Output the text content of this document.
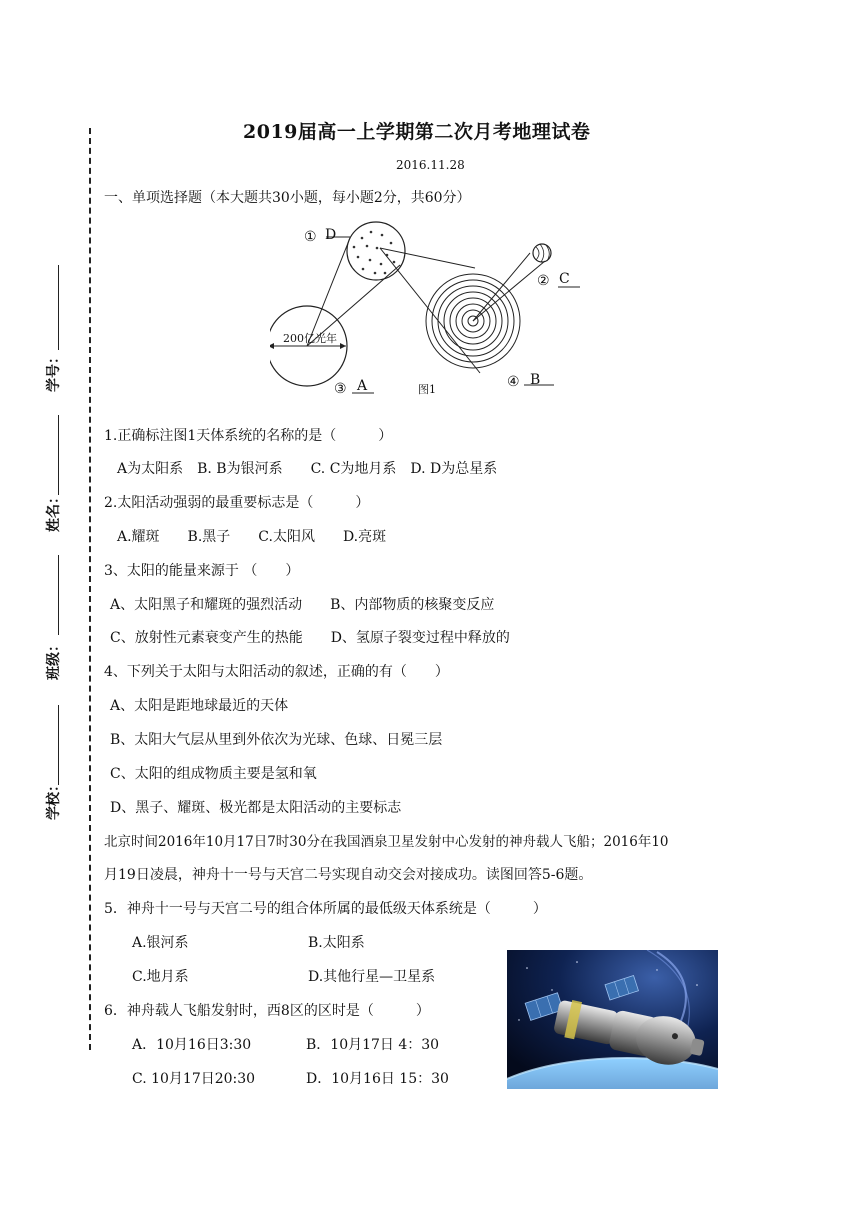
2019届高一上学期第二次月考地理试卷
2016.11.28
学号：
姓名：
班级：
学校：
一、单项选择题（本大题共30小题，每小题2分，共60分）
① D
② C
200亿光年
③ A	图1	④ B
1.正确标注图1天体系统的名称的是（　　　）
A为太阳系　B. B为银河系　　C. C为地月系　D. D为总星系
2.太阳活动强弱的最重要标志是（　　　）
A.耀斑　　B.黑子　　C.太阳风　　D.亮斑
3、太阳的能量来源于 （　　）
A、太阳黑子和耀斑的强烈活动　　B、内部物质的核聚变反应
C、放射性元素衰变产生的热能　　D、氢原子裂变过程中释放的
4、下列关于太阳与太阳活动的叙述，正确的有（　　）
A、太阳是距地球最近的天体
B、太阳大气层从里到外依次为光球、色球、日冕三层
C、太阳的组成物质主要是氢和氧
D、黑子、耀斑、极光都是太阳活动的主要标志
北京时间2016年10月17日7时30分在我国酒泉卫星发射中心发射的神舟载人飞船；2016年10
月19日凌晨，神舟十一号与天宫二号实现自动交会对接成功。读图回答5-6题。
5．神舟十一号与天宫二号的组合体所属的最低级天体系统是（　　　）
A.银河系	B.太阳系
C.地月系	D.其他行星—卫星系
6．神舟载人飞船发射时，西8区的区时是（　　　）
A．10月16日3:30	B．10月17日 4：30
C. 10月17日20:30	D．10月16日 15：30
